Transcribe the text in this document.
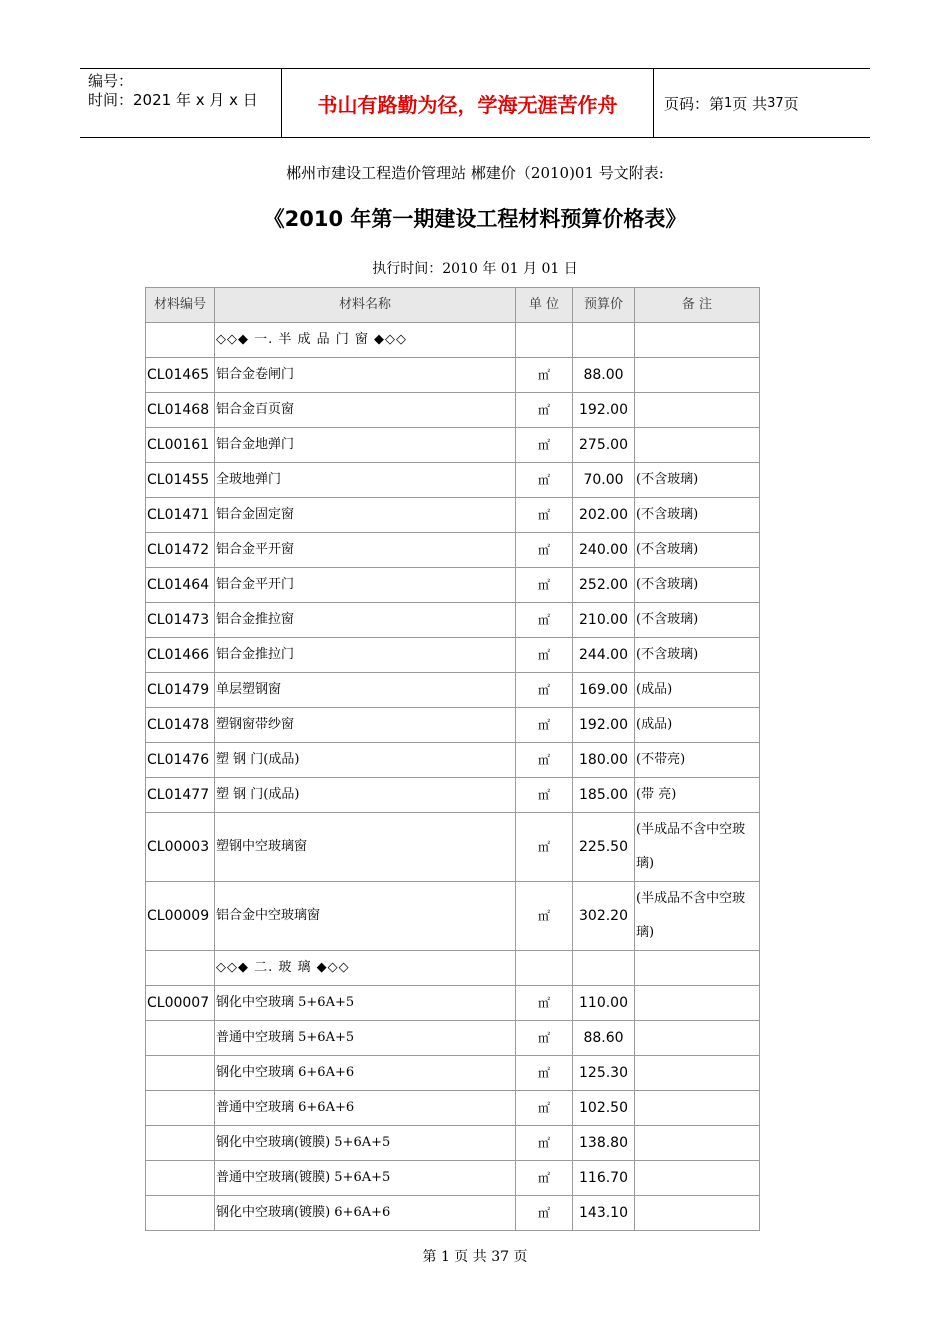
编号：
时间：2021 年 x 月 x 日	书山有路勤为径，学海无涯苦作舟	页码：第 1 页 共 37 页
郴州市建设工程造价管理站 郴建价（2010)01 号文附表:
《2010 年第一期建设工程材料预算价格表》
执行时间：2010 年 01 月 01 日
材料编号	材料名称	单 位	预算价	备 注
	◇◇◆ 一. 半 成 品 门 窗 ◆◇◇			
CL01465	铝合金卷闸门	㎡	88.00	
CL01468	铝合金百页窗	㎡	192.00	
CL00161	铝合金地弹门	㎡	275.00	
CL01455	全玻地弹门	㎡	70.00	(不含玻璃)
CL01471	铝合金固定窗	㎡	202.00	(不含玻璃)
CL01472	铝合金平开窗	㎡	240.00	(不含玻璃)
CL01464	铝合金平开门	㎡	252.00	(不含玻璃)
CL01473	铝合金推拉窗	㎡	210.00	(不含玻璃)
CL01466	铝合金推拉门	㎡	244.00	(不含玻璃)
CL01479	单层塑钢窗	㎡	169.00	(成品)
CL01478	塑钢窗带纱窗	㎡	192.00	(成品)
CL01476	塑 钢 门(成品)	㎡	180.00	(不带亮)
CL01477	塑 钢 门(成品)	㎡	185.00	(带 亮)
CL00003	塑钢中空玻璃窗	㎡	225.50	(半成品不含中空玻璃)
CL00009	铝合金中空玻璃窗	㎡	302.20	(半成品不含中空玻璃)
	◇◇◆ 二. 玻 璃 ◆◇◇			
CL00007	钢化中空玻璃 5+6A+5	㎡	110.00	
	普通中空玻璃 5+6A+5	㎡	88.60	
	钢化中空玻璃 6+6A+6	㎡	125.30	
	普通中空玻璃 6+6A+6	㎡	102.50	
	钢化中空玻璃(镀膜) 5+6A+5	㎡	138.80	
	普通中空玻璃(镀膜) 5+6A+5	㎡	116.70	
	钢化中空玻璃(镀膜) 6+6A+6	㎡	143.10	
第 1 页 共 37 页
